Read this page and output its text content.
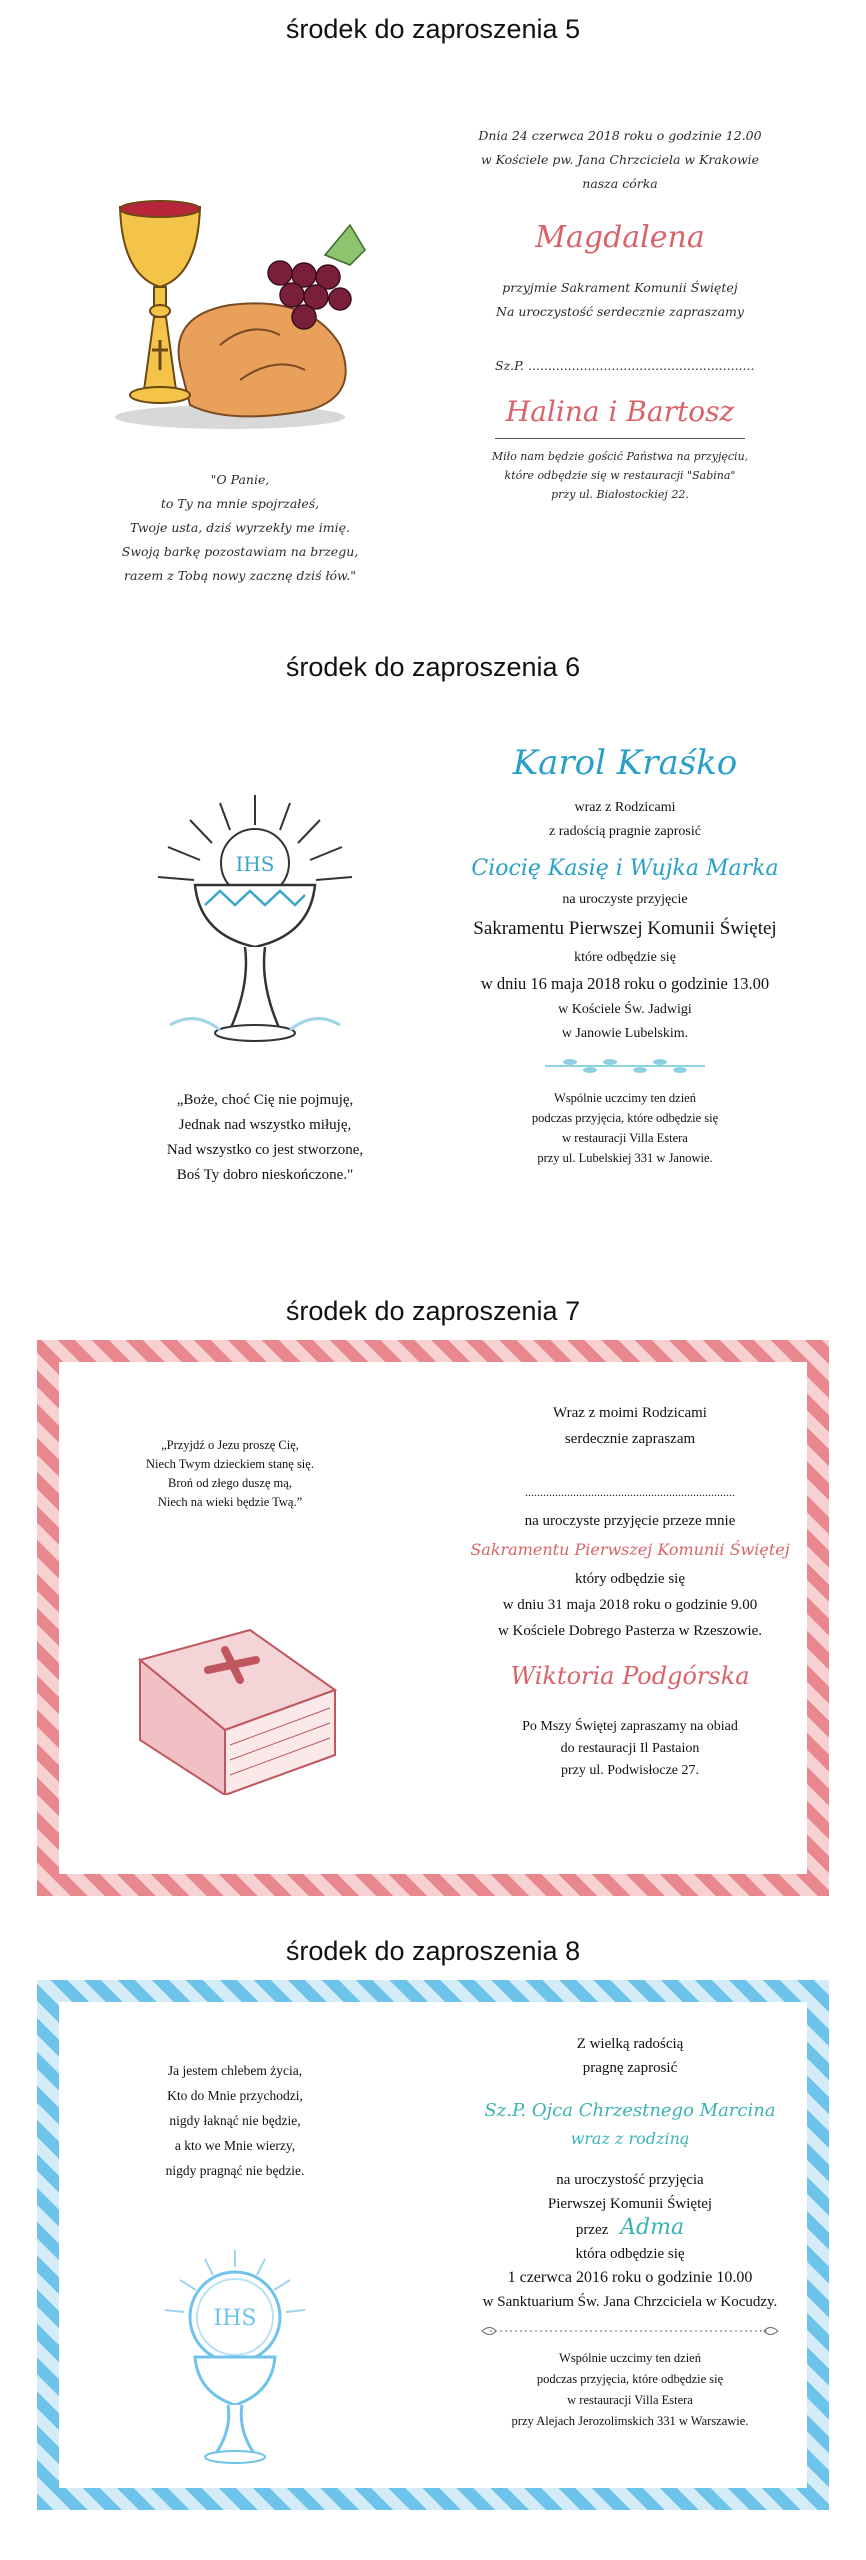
środek do zaproszenia 5
"O Panie,
to Ty na mnie spojrzałeś,
Twoje usta, dziś wyrzekły me imię.
Swoją barkę pozostawiam na brzegu,
razem z Tobą nowy zacznę dziś łów."
Dnia 24 czerwca 2018 roku o godzinie 12.00
w Kościele pw. Jana Chrzciciela w Krakowie
nasza córka
Magdalena
przyjmie Sakrament Komunii Świętej
Na uroczystość serdecznie zapraszamy
Sz.P. .........................................................
Halina i Bartosz
Miło nam będzie gościć Państwa na przyjęciu,
które odbędzie się w restauracji "Sabina"
przy ul. Białostockiej 22.
środek do zaproszenia 6
IHS
„Boże, choć Cię nie pojmuję,
Jednak nad wszystko miłuję,
Nad wszystko co jest stworzone,
Boś Ty dobro nieskończone."
Karol Kraśko
wraz z Rodzicami
z radością pragnie zaprosić
Ciocię Kasię i Wujka Marka
na uroczyste przyjęcie
Sakramentu Pierwszej Komunii Świętej
które odbędzie się
w dniu 16 maja 2018 roku o godzinie 13.00
w Kościele Św. Jadwigi
w Janowie Lubelskim.
Wspólnie uczcimy ten dzień
podczas przyjęcia, które odbędzie się
w restauracji Villa Estera
przy ul. Lubelskiej 331 w Janowie.
środek do zaproszenia 7
„Przyjdź o Jezu proszę Cię,
Niech Twym dzieckiem stanę się.
Broń od złego duszę mą,
Niech na wieki będzie Twą.”
Wraz z moimi Rodzicami
serdecznie zapraszam
......................................................................
na uroczyste przyjęcie przeze mnie
Sakramentu Pierwszej Komunii Świętej
który odbędzie się
w dniu 31 maja 2018 roku o godzinie 9.00
w Kościele Dobrego Pasterza w Rzeszowie.
Wiktoria Podgórska
Po Mszy Świętej zapraszamy na obiad
do restauracji Il Pastaion
przy ul. Podwisłocze 27.
środek do zaproszenia 8
Ja jestem chlebem życia,
Kto do Mnie przychodzi,
nigdy łaknąć nie będzie,
a kto we Mnie wierzy,
nigdy pragnąć nie będzie.
IHS
Z wielką radością
pragnę zaprosić
Sz.P. Ojca Chrzestnego Marcina
wraz z rodziną
na uroczystość przyjęcia
Pierwszej Komunii Świętej
przez Adma
która odbędzie się
1 czerwca 2016 roku o godzinie 10.00
w Sanktuarium Św. Jana Chrzciciela w Kocudzy.
Wspólnie uczcimy ten dzień
podczas przyjęcia, które odbędzie się
w restauracji Villa Estera
przy Alejach Jerozolimskich 331 w Warszawie.
